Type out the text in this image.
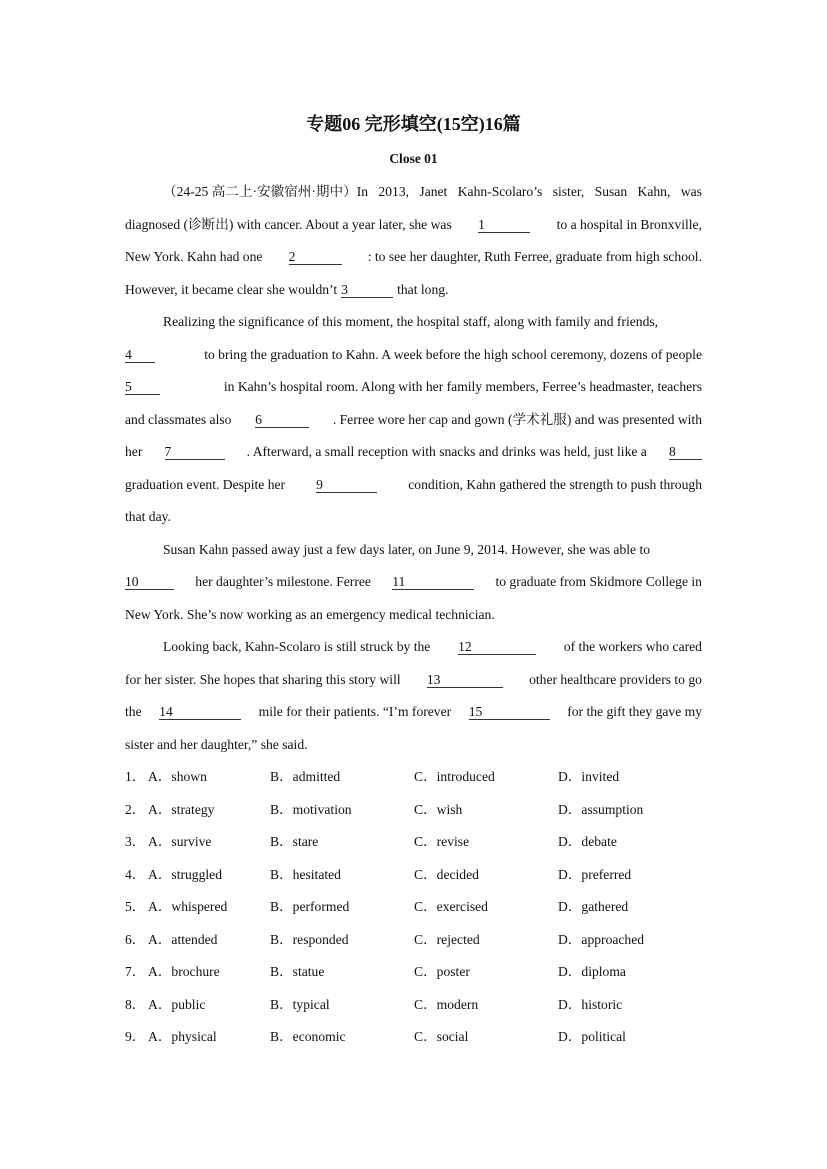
专题06 完形填空(15空)16篇
Close 01
（24-25 高二上·安徽宿州·期中）In 2013, Janet Kahn-Scolaro’s sister, Susan Kahn, was
diagnosed (诊断出) with cancer. About a year later, she was 1	to a hospital in Bronxville,
New York. Kahn had one 2	: to see her daughter, Ruth Ferree, graduate from high school.
However, it became clear she wouldn’t 3	that long.
Realizing the significance of this moment, the hospital staff, along with family and friends,
4	to bring the graduation to Kahn. A week before the high school ceremony, dozens of people
5	in Kahn’s hospital room. Along with her family members, Ferree’s headmaster, teachers
and classmates also 6	. Ferree wore her cap and gown (学术礼服) and was presented with
her 7	. Afterward, a small reception with snacks and drinks was held, just like a 8
graduation event. Despite her 9	condition, Kahn gathered the strength to push through
that day.
Susan Kahn passed away just a few days later, on June 9, 2014. However, she was able to
10	her daughter’s milestone. Ferree 11	to graduate from Skidmore College in
New York. She’s now working as an emergency medical technician.
Looking back, Kahn-Scolaro is still struck by the 12	of the workers who cared
for her sister. She hopes that sharing this story will 13	other healthcare providers to go
the 14	mile for their patients. “I’m forever 15	for the gift they gave my
sister and her daughter,” she said.
1． A．shown	B．admitted	C．introduced	D．invited
2． A．strategy	B．motivation	C．wish	D．assumption
3． A．survive	B．stare	C．revise	D．debate
4． A．struggled	B．hesitated	C．decided	D．preferred
5． A．whispered	B．performed	C．exercised	D．gathered
6． A．attended	B．responded	C．rejected	D．approached
7． A．brochure	B．statue	C．poster	D．diploma
8． A．public	B．typical	C．modern	D．historic
9． A．physical	B．economic	C．social	D．political
